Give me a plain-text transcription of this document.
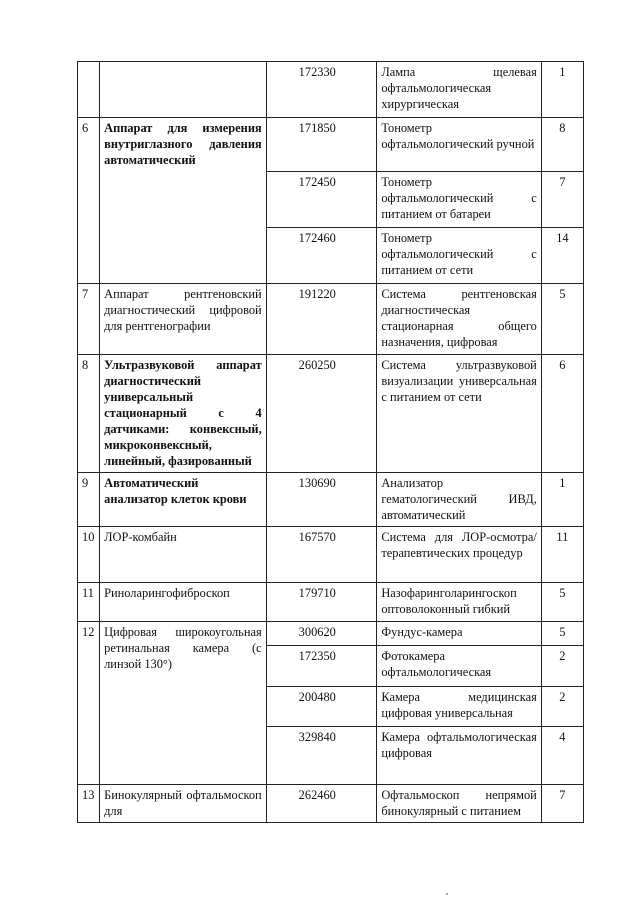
		172330	Лампа щелевая офтальмологическая хирургическая	1
6	Аппарат для измерения внутриглазного давления автоматический	171850	Тонометр офтальмологический ручной	8
		172450	Тонометр офтальмологический с питанием от батареи	7
		172460	Тонометр офтальмологический с питанием от сети	14
7	Аппарат рентгеновский диагностический цифровой для рентгенографии	191220	Система рентгеновская диагностическая стационарная общего назначения, цифровая	5
8	Ультразвуковой аппарат диагностический универсальный стационарный с 4 датчиками: конвексный, микроконвексный, линейный, фазированный	260250	Система ультразвуковой визуализации универсальная с питанием от сети	6
9	Автоматический анализатор клеток крови	130690	Анализатор гематологический ИВД, автоматический	1
10	ЛОР-комбайн	167570	Система для ЛОР-осмотра/терапевтических процедур	11
11	Риноларингофиброскоп	179710	Назофаринголарингоскоп оптоволоконный гибкий	5
12	Цифровая широкоугольная ретинальная камера (с линзой 130°)	300620	Фундус-камера	5
		172350	Фотокамера офтальмологическая	2
		200480	Камера медицинская цифровая универсальная	2
		329840	Камера офтальмологическая цифровая	4
13	Бинокулярный офтальмоскоп для	262460	Офтальмоскоп непрямой бинокулярный с питанием	7
